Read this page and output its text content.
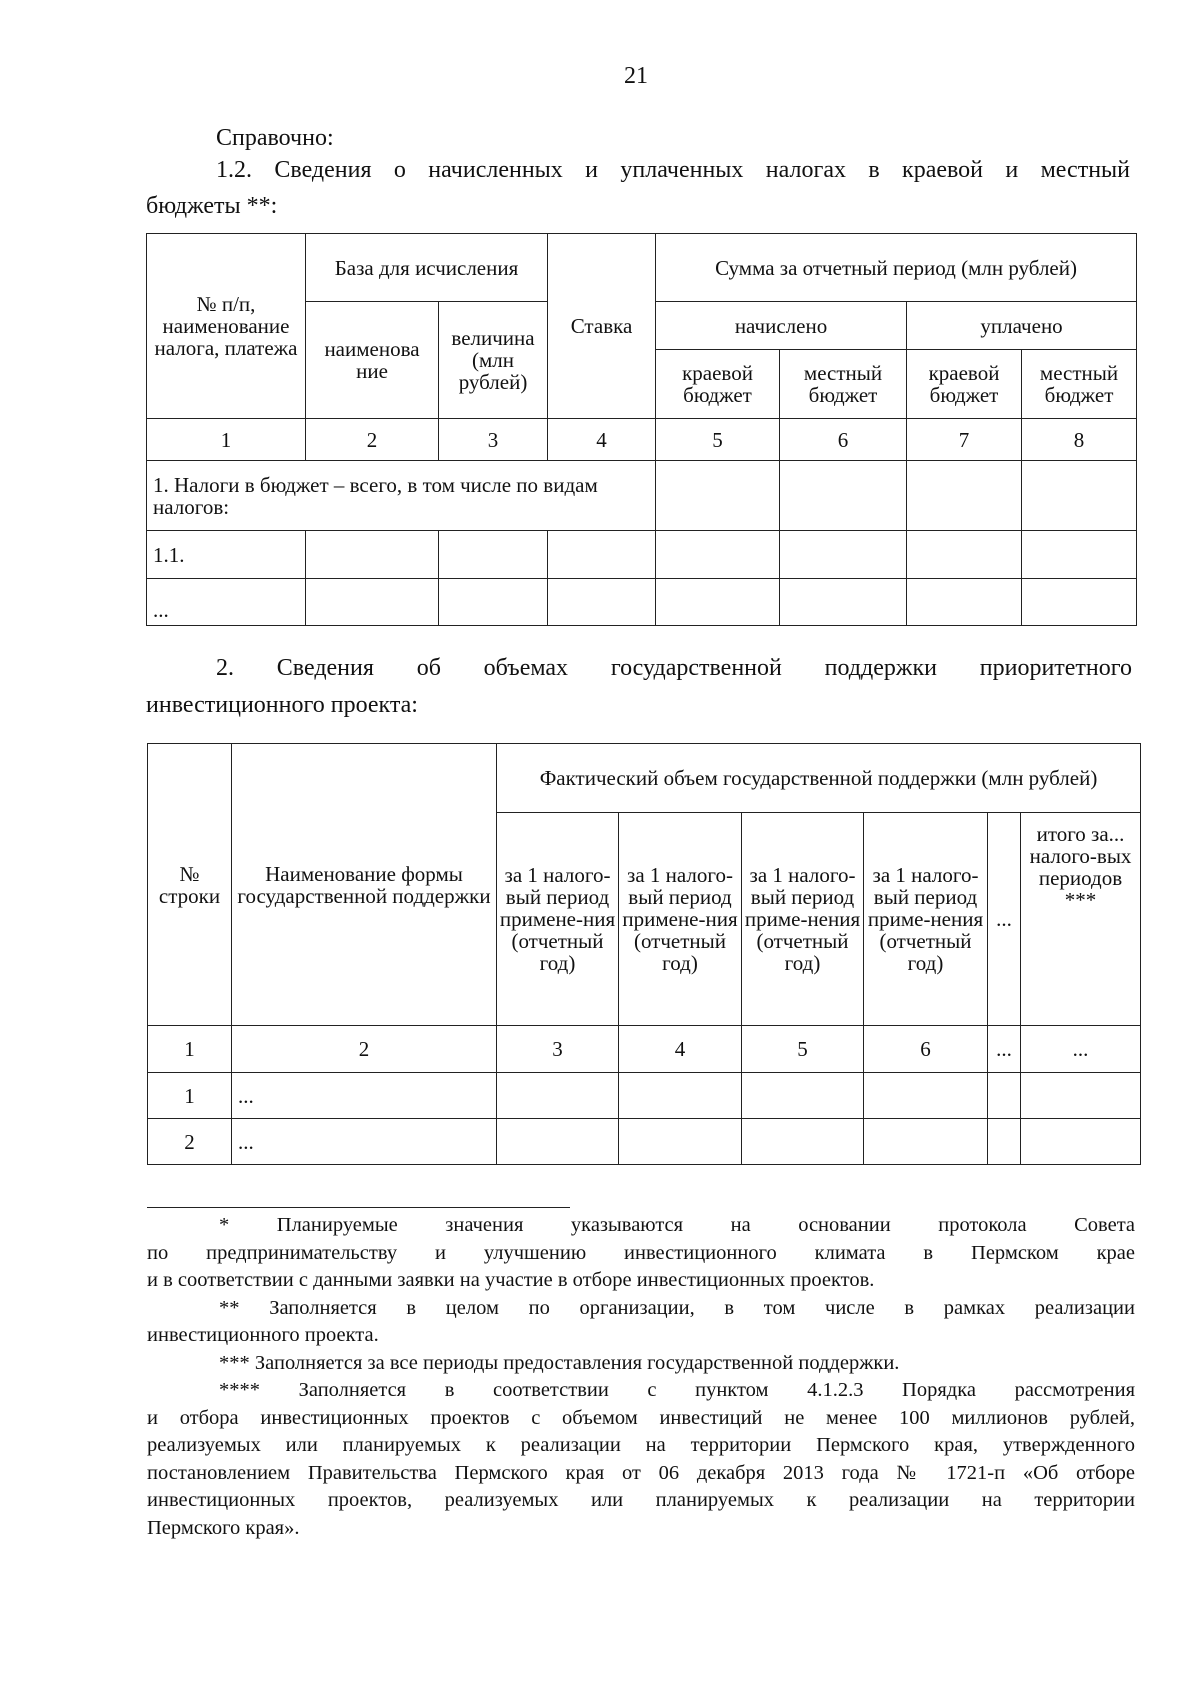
21
Справочно:
1.2. Сведения о начисленных и уплаченных налогах в краевой и местный
бюджеты **:
№ п/п, наименование налога, платежа	База для исчисления		Ставка	Сумма за отчетный период (млн рублей)			
	наименова ние	величина (млн рублей)		начислено		уплачено	
				краевой бюджет	местный бюджет	краевой бюджет	местный бюджет
1	2	3	4	5	6	7	8
1. Налоги в бюджет – всего, в том числе по видам налогов:							
1.1.							
...							
2. Сведения об объемах государственной поддержки приоритетного
инвестиционного проекта:
№ строки	Наименование формы государственной поддержки	Фактический объем государственной поддержки (млн рублей)					
		за 1 налого-вый период примене-ния (отчетный год)	за 1 налого-вый период примене-ния (отчетный год)	за 1 налого-вый период приме-нения (отчетный год)	за 1 налого-вый период приме-нения (отчетный год)	...	итого за... налого-вых периодов ***
1	2	3	4	5	6	...	...
1	...						
2	...						
* Планируемые значения указываются на основании протокола Совета
по предпринимательству и улучшению инвестиционного климата в Пермском крае
и в соответствии с данными заявки на участие в отборе инвестиционных проектов.
** Заполняется в целом по организации, в том числе в рамках реализации
инвестиционного проекта.
*** Заполняется за все периоды предоставления государственной поддержки.
**** Заполняется в соответствии с пунктом 4.1.2.3 Порядка рассмотрения
и отбора инвестиционных проектов с объемом инвестиций не менее 100 миллионов рублей,
реализуемых или планируемых к реализации на территории Пермского края, утвержденного
постановлением Правительства Пермского края от 06 декабря 2013 года № 1721-п «Об отборе
инвестиционных проектов, реализуемых или планируемых к реализации на территории
Пермского края».
